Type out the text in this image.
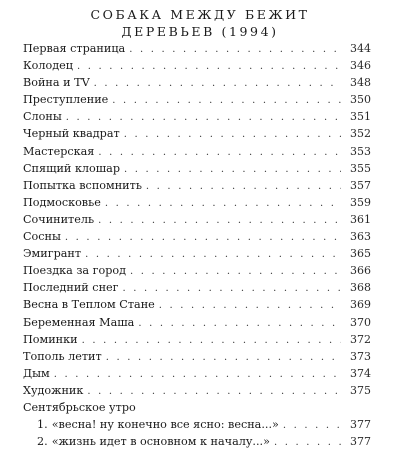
СОБАКА МЕЖДУ БЕЖИТ
ДЕРЕВЬЕВ (1994)
Первая страница . . .	344
Колодец . . .	346
Война и TV . . .	348
Преступление . . .	350
Слоны . . .	351
Черный квадрат . . .	352
Мастерская . . .	353
Спящий клошар . . .	355
Попытка вспомнить . . .	357
Подмосковье . . .	359
Сочинитель . . .	361
Сосны . . .	363
Эмигрант . . .	365
Поездка за город . . .	366
Последний снег . . .	368
Весна в Теплом Стане . . .	369
Беременная Маша . . .	370
Поминки . . .	372
Тополь летит . . .	373
Дым . . .	374
Художник . . .	375
Сентябрьское утро
1. «весна! ну конечно все ясно: весна...» . . .	377
2. «жизнь идет в основном к началу...» . . .	377
